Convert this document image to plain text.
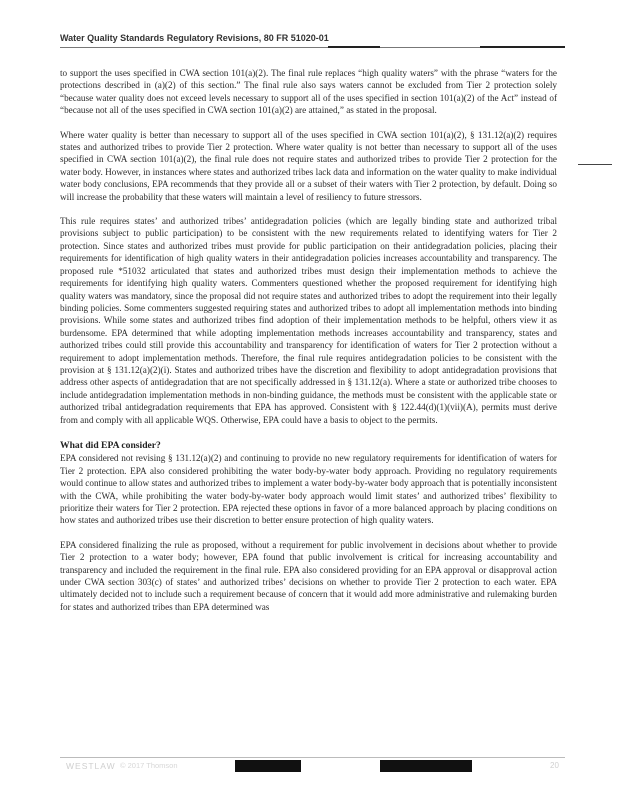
Water Quality Standards Regulatory Revisions, 80 FR 51020-01

to support the uses specified in CWA section 101(a)(2). The final rule replaces “high quality waters” with the phrase “waters for the protections described in (a)(2) of this section.” The final rule also says waters cannot be excluded from Tier 2 protection solely “because water quality does not exceed levels necessary to support all of the uses specified in section 101(a)(2) of the Act” instead of “because not all of the uses specified in CWA section 101(a)(2) are attained,” as stated in the proposal.

Where water quality is better than necessary to support all of the uses specified in CWA section 101(a)(2), § 131.12(a)(2) requires states and authorized tribes to provide Tier 2 protection. Where water quality is not better than necessary to support all of the uses specified in CWA section 101(a)(2), the final rule does not require states and authorized tribes to provide Tier 2 protection for the water body. However, in instances where states and authorized tribes lack data and information on the water quality to make individual water body conclusions, EPA recommends that they provide all or a subset of their waters with Tier 2 protection, by default. Doing so will increase the probability that these waters will maintain a level of resiliency to future stressors.

This rule requires states’ and authorized tribes’ antidegradation policies (which are legally binding state and authorized tribal provisions subject to public participation) to be consistent with the new requirements related to identifying waters for Tier 2 protection. Since states and authorized tribes must provide for public participation on their antidegradation policies, placing their requirements for identification of high quality waters in their antidegradation policies increases accountability and transparency. The proposed rule *51032 articulated that states and authorized tribes must design their implementation methods to achieve the requirements for identifying high quality waters. Commenters questioned whether the proposed requirement for identifying high quality waters was mandatory, since the proposal did not require states and authorized tribes to adopt the requirement into their legally binding policies. Some commenters suggested requiring states and authorized tribes to adopt all implementation methods into binding provisions. While some states and authorized tribes find adoption of their implementation methods to be helpful, others view it as burdensome. EPA determined that while adopting implementation methods increases accountability and transparency, states and authorized tribes could still provide this accountability and transparency for identification of waters for Tier 2 protection without a requirement to adopt implementation methods. Therefore, the final rule requires antidegradation policies to be consistent with the provision at § 131.12(a)(2)(i). States and authorized tribes have the discretion and flexibility to adopt antidegradation provisions that address other aspects of antidegradation that are not specifically addressed in § 131.12(a). Where a state or authorized tribe chooses to include antidegradation implementation methods in non-binding guidance, the methods must be consistent with the applicable state or authorized tribal antidegradation requirements that EPA has approved. Consistent with § 122.44(d)(1)(vii)(A), permits must derive from and comply with all applicable WQS. Otherwise, EPA could have a basis to object to the permits.

What did EPA consider?

EPA considered not revising § 131.12(a)(2) and continuing to provide no new regulatory requirements for identification of waters for Tier 2 protection. EPA also considered prohibiting the water body-by-water body approach. Providing no regulatory requirements would continue to allow states and authorized tribes to implement a water body-by-water body approach that is potentially inconsistent with the CWA, while prohibiting the water body-by-water body approach would limit states’ and authorized tribes’ flexibility to prioritize their waters for Tier 2 protection. EPA rejected these options in favor of a more balanced approach by placing conditions on how states and authorized tribes use their discretion to better ensure protection of high quality waters.

EPA considered finalizing the rule as proposed, without a requirement for public involvement in decisions about whether to provide Tier 2 protection to a water body; however, EPA found that public involvement is critical for increasing accountability and transparency and included the requirement in the final rule. EPA also considered providing for an EPA approval or disapproval action under CWA section 303(c) of states’ and authorized tribes’ decisions on whether to provide Tier 2 protection to each water. EPA ultimately decided not to include such a requirement because of concern that it would add more administrative and rulemaking burden for states and authorized tribes than EPA determined was

WESTLAW © 2017 Thomson	20
